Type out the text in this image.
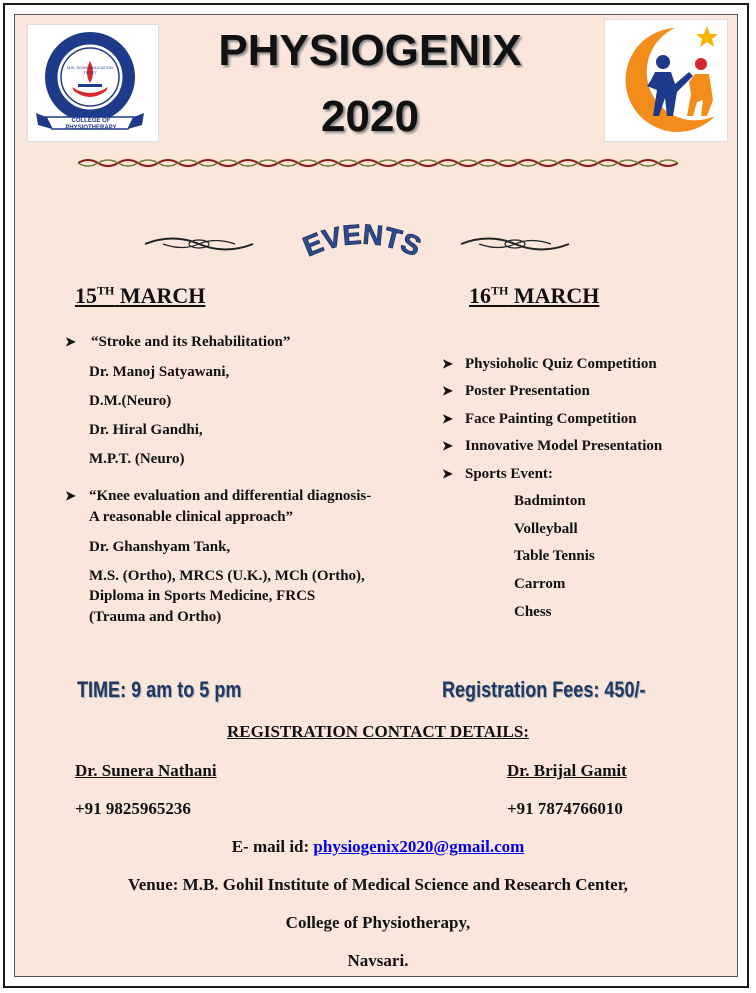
COLLEGE OF PHYSIOTHERAPY
M.B. GOHIL EDUCATION TRUST	PHYSIOGENIX
2020
EVENTS
15TH MARCH	16TH MARCH
➤ “Stroke and its Rehabilitation”
Dr. Manoj Satyawani,
D.M.(Neuro)
Dr. Hiral Gandhi,
M.P.T. (Neuro)
➤ “Knee evaluation and differential diagnosis-
A reasonable clinical approach”
Dr. Ghanshyam Tank,
M.S. (Ortho), MRCS (U.K.), MCh (Ortho),
Diploma in Sports Medicine, FRCS
(Trauma and Ortho)
➤ Physioholic Quiz Competition
➤ Poster Presentation
➤ Face Painting Competition
➤ Innovative Model Presentation
➤ Sports Event:
Badminton
Volleyball
Table Tennis
Carrom
Chess
TIME: 9 am to 5 pm	Registration Fees: 450/-
REGISTRATION CONTACT DETAILS:
Dr. Sunera Nathani	Dr. Brijal Gamit
+91 9825965236	+91 7874766010
E- mail id: physiogenix2020@gmail.com
Venue: M.B. Gohil Institute of Medical Science and Research Center,
College of Physiotherapy,
Navsari.
